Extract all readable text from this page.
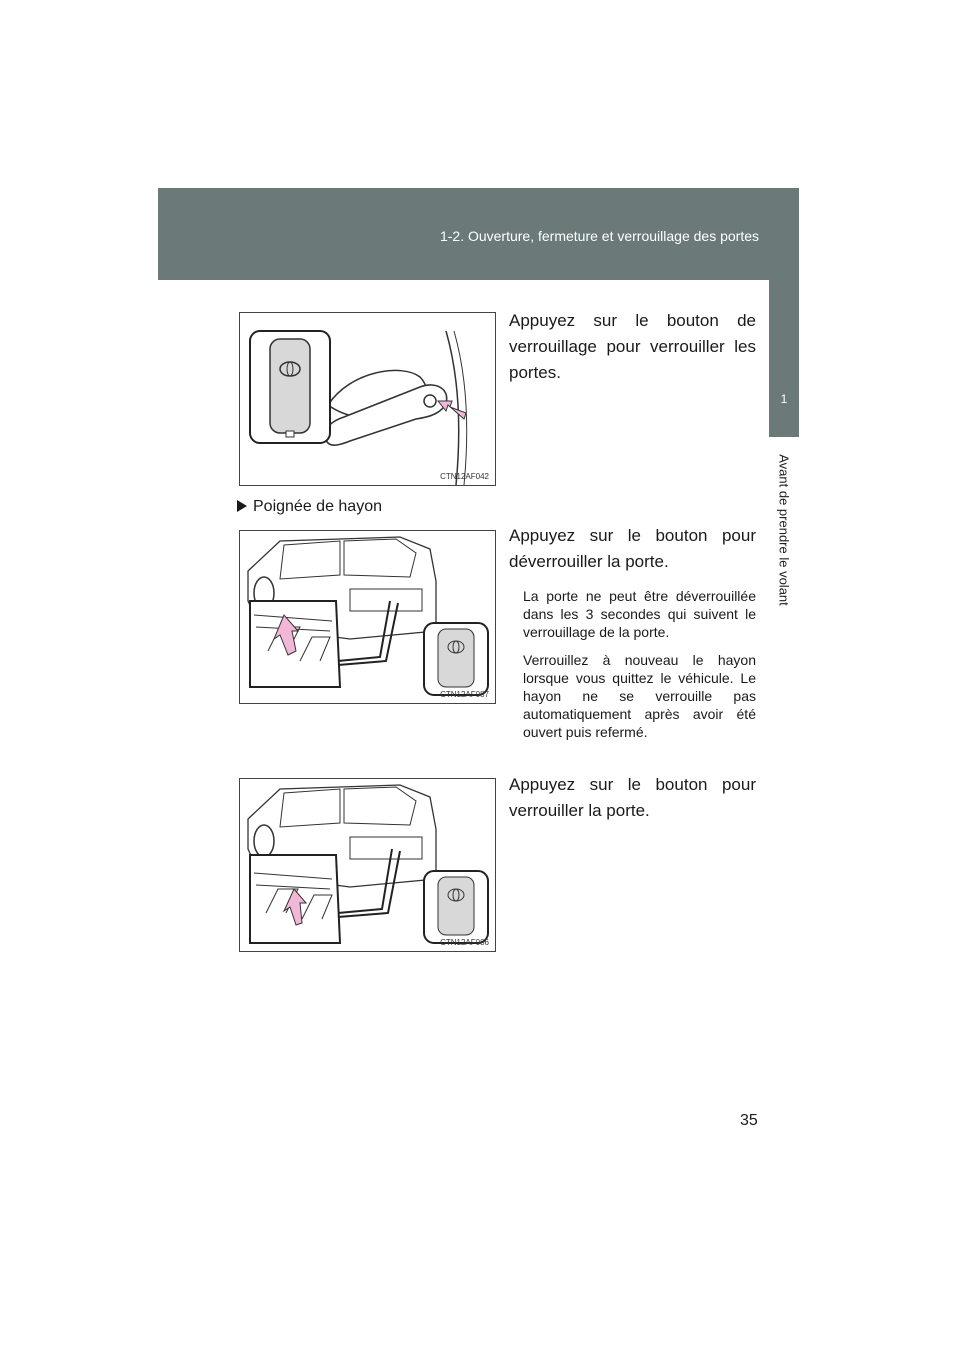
1-2. Ouverture, fermeture et verrouillage des portes
1
Avant de prendre le volant
CTN12AF042

Appuyez sur le bouton de verrouillage pour verrouiller les portes.

Poignée de hayon
CTN12AF087

Appuyez sur le bouton pour déverrouiller la porte.

La porte ne peut être déverrouillée dans les 3 secondes qui suivent le verrouillage de la porte.

Verrouillez à nouveau le hayon lorsque vous quittez le véhicule. Le hayon ne se verrouille pas automatiquement après avoir été ouvert puis refermé.

CTN12AF086

Appuyez sur le bouton pour verrouiller la porte.

35
